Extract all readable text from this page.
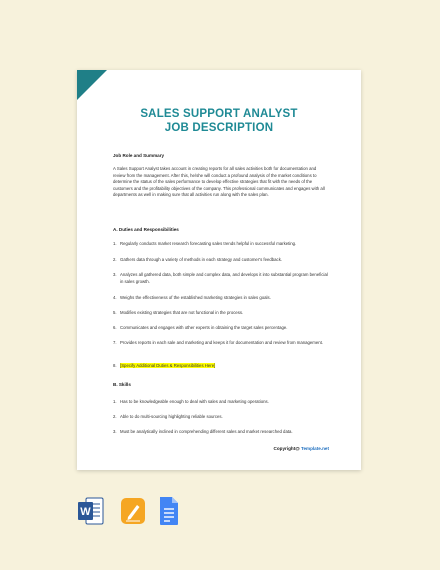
SALES SUPPORT ANALYST
JOB DESCRIPTION
Job Role and Summary
A Sales Support Analyst takes account in creating reports for all sales activities both for documentation and review from the management. After this, he/she will conduct a profound analysis of the market conditions to determine the status of the sales performance to develop effective strategies that fit with the needs of the customers and the profitability objectives of the company. This professional communicates and engages with all departments as well in making sure that all activities run along with the sales plan.
A. Duties and Responsibilities
1. Regularly conducts market research forecasting sales trends helpful in successful marketing.
2. Gathers data through a variety of methods in each strategy and customer's feedback.
3. Analyzes all gathered data, both simple and complex data, and develops it into substantial program beneficial in sales growth.
4. Weighs the effectiveness of the established marketing strategies in sales goals.
5. Modifies existing strategies that are not functional in the process.
6. Communicates and engages with other experts in obtaining the target sales percentage.
7. Provides reports in each sale and marketing and keeps it for documentation and review from management.
8. [Specify Additional Duties & Responsibilities Here]
B. Skills
1. Has to be knowledgeable enough to deal with sales and marketing operations.
2. Able to do multi-sourcing highlighting reliable sources.
3. Must be analytically inclined in comprehending different sales and market researched data.
Copyright@ Template.net
W
